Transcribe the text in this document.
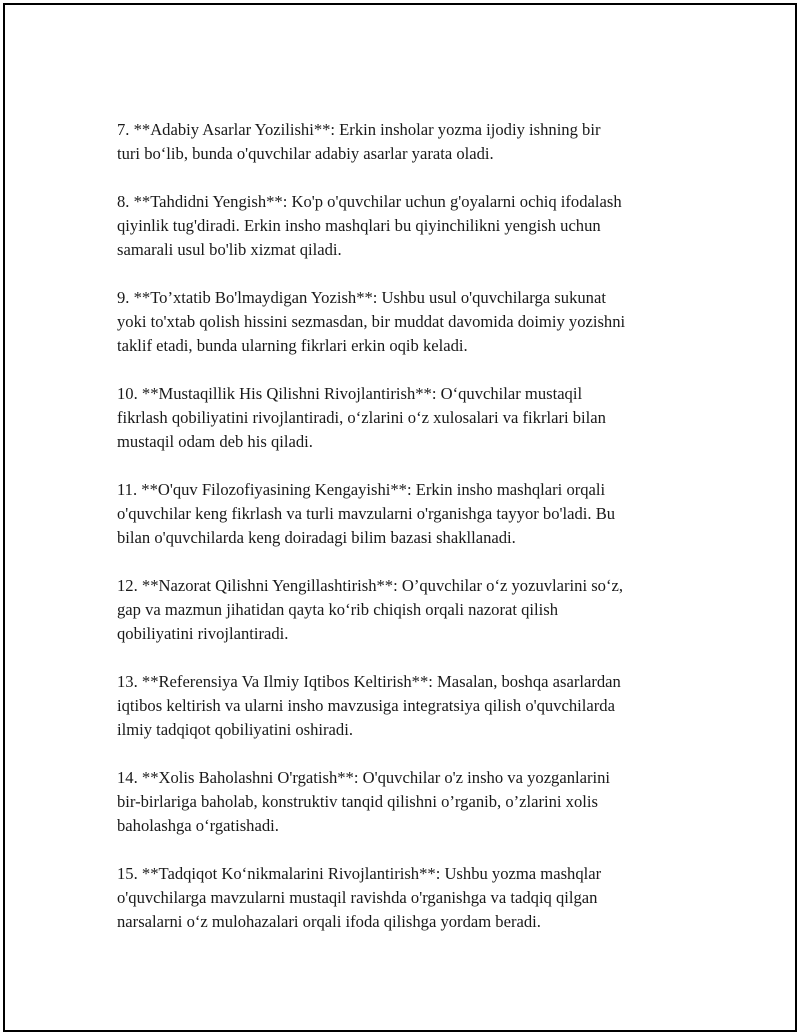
7. **Adabiy Asarlar Yozilishi**: Erkin insholar yozma ijodiy ishning bir
turi bo‘lib, bunda o'quvchilar adabiy asarlar yarata oladi.

8. **Tahdidni Yengish**: Ko'p o'quvchilar uchun g'oyalarni ochiq ifodalash
qiyinlik tug'diradi. Erkin insho mashqlari bu qiyinchilikni yengish uchun
samarali usul bo'lib xizmat qiladi.

9. **To’xtatib Bo'lmaydigan Yozish**: Ushbu usul o'quvchilarga sukunat
yoki to'xtab qolish hissini sezmasdan, bir muddat davomida doimiy yozishni
taklif etadi, bunda ularning fikrlari erkin oqib keladi.

10. **Mustaqillik His Qilishni Rivojlantirish**: O‘quvchilar mustaqil
fikrlash qobiliyatini rivojlantiradi, o‘zlarini o‘z xulosalari va fikrlari bilan
mustaqil odam deb his qiladi.

11. **O'quv Filozofiyasining Kengayishi**: Erkin insho mashqlari orqali
o'quvchilar keng fikrlash va turli mavzularni o'rganishga tayyor bo'ladi. Bu
bilan o'quvchilarda keng doiradagi bilim bazasi shakllanadi.

12. **Nazorat Qilishni Yengillashtirish**: O’quvchilar o‘z yozuvlarini so‘z,
gap va mazmun jihatidan qayta ko‘rib chiqish orqali nazorat qilish
qobiliyatini rivojlantiradi.

13. **Referensiya Va Ilmiy Iqtibos Keltirish**: Masalan, boshqa asarlardan
iqtibos keltirish va ularni insho mavzusiga integratsiya qilish o'quvchilarda
ilmiy tadqiqot qobiliyatini oshiradi.

14. **Xolis Baholashni O'rgatish**: O'quvchilar o'z insho va yozganlarini
bir-birlariga baholab, konstruktiv tanqid qilishni o’rganib, o’zlarini xolis
baholashga o‘rgatishadi.

15. **Tadqiqot Ko‘nikmalarini Rivojlantirish**: Ushbu yozma mashqlar
o'quvchilarga mavzularni mustaqil ravishda o'rganishga va tadqiq qilgan
narsalarni o‘z mulohazalari orqali ifoda qilishga yordam beradi.
